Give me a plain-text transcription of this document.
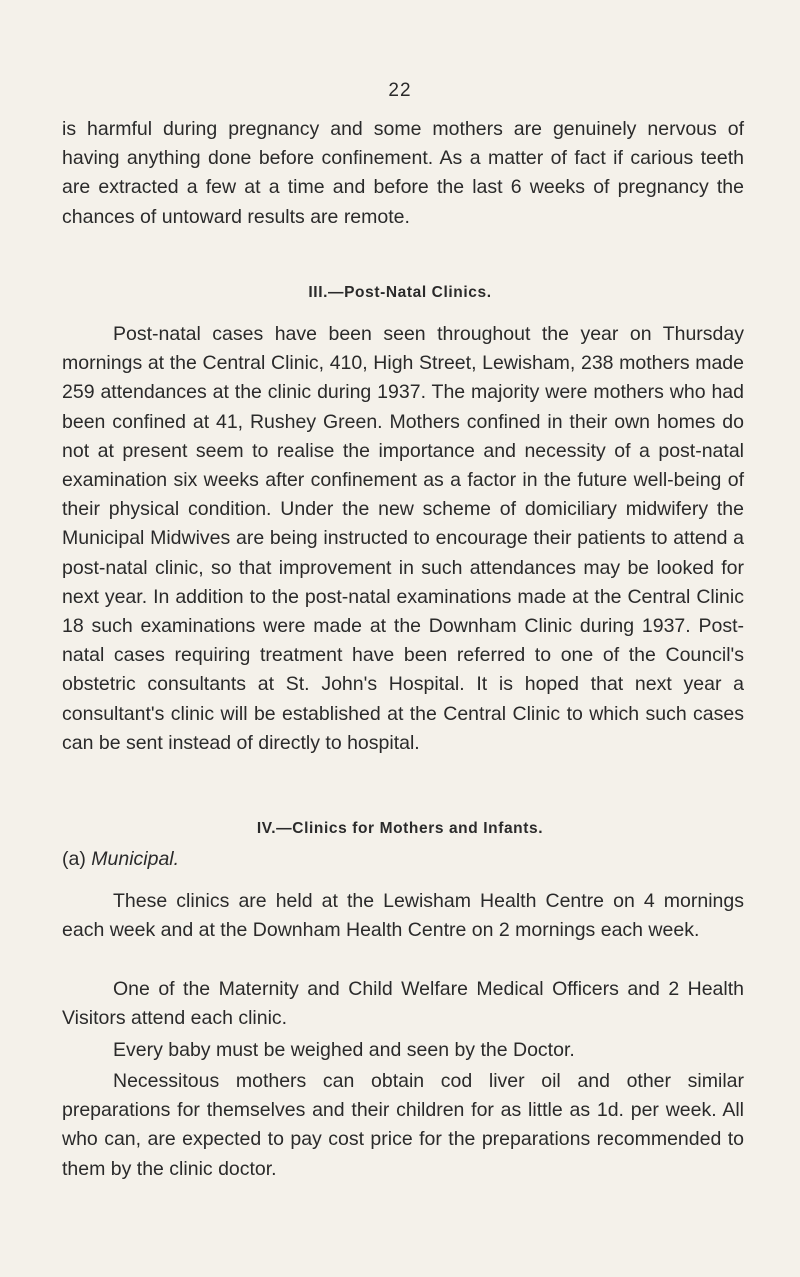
22

is harmful during pregnancy and some mothers are genuinely nervous of having anything done before confinement. As a matter of fact if carious teeth are extracted a few at a time and before the last 6 weeks of pregnancy the chances of untoward results are remote.

III.—Post-Natal Clinics.

Post-natal cases have been seen throughout the year on Thursday mornings at the Central Clinic, 410, High Street, Lewisham, 238 mothers made 259 attendances at the clinic during 1937. The majority were mothers who had been confined at 41, Rushey Green. Mothers confined in their own homes do not at present seem to realise the importance and necessity of a post-natal examination six weeks after confinement as a factor in the future well-being of their physical condition. Under the new scheme of domiciliary midwifery the Municipal Midwives are being instructed to encourage their patients to attend a post-natal clinic, so that improvement in such attendances may be looked for next year. In addition to the post-natal examinations made at the Central Clinic 18 such examinations were made at the Downham Clinic during 1937. Post-natal cases requiring treatment have been referred to one of the Council's obstetric consultants at St. John's Hospital. It is hoped that next year a consultant's clinic will be established at the Central Clinic to which such cases can be sent instead of directly to hospital.

IV.—Clinics for Mothers and Infants.

(a) Municipal.

These clinics are held at the Lewisham Health Centre on 4 mornings each week and at the Downham Health Centre on 2 mornings each week.

One of the Maternity and Child Welfare Medical Officers and 2 Health Visitors attend each clinic.

Every baby must be weighed and seen by the Doctor.

Necessitous mothers can obtain cod liver oil and other similar preparations for themselves and their children for as little as 1d. per week. All who can, are expected to pay cost price for the preparations recommended to them by the clinic doctor.
